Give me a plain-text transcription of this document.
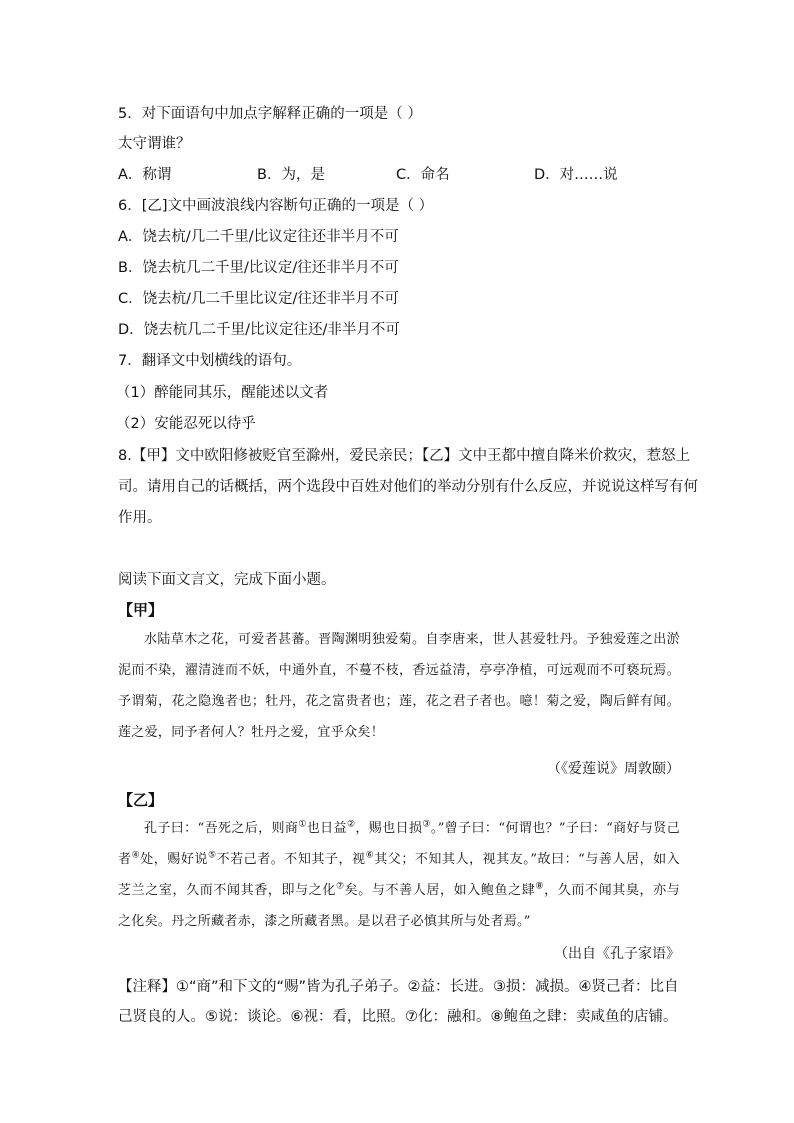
5．对下面语句中加点字解释正确的一项是（ ）
太守谓谁？
A．称谓	B．为，是	C．命名	D．对……说
6．[乙]文中画波浪线内容断句正确的一项是（ ）
A．饶去杭/几二千里/比议定往还非半月不可
B．饶去杭几二千里/比议定/往还非半月不可
C．饶去杭/几二千里比议定/往还非半月不可
D．饶去杭几二千里/比议定往还/非半月不可
7．翻译文中划横线的语句。
（1）醉能同其乐，醒能述以文者
（2）安能忍死以待乎
8.【甲】文中欧阳修被贬官至滁州，爱民亲民；【乙】文中王都中擅自降米价救灾，惹怒上
司。请用自己的话概括，两个选段中百姓对他们的举动分别有什么反应，并说说这样写有何
作用。
阅读下面文言文，完成下面小题。
【甲】

水陆草木之花，可爱者甚蕃。晋陶渊明独爱菊。自李唐来，世人甚爱牡丹。予独爱莲之出淤泥而不染，濯清涟而不妖，中通外直，不蔓不枝，香远益清，亭亭净植，可远观而不可亵玩焉。予谓菊，花之隐逸者也；牡丹，花之富贵者也；莲，花之君子者也。噫！菊之爱，陶后鲜有闻。莲之爱，同予者何人？牡丹之爱，宜乎众矣！

（《爱莲说》周敦颐）
【乙】

孔子曰：“吾死之后，则商①也日益②，赐也日损③。”曾子曰：“何谓也？”子曰：“商好与贤己者④处，赐好说⑤不若己者。不知其子，视⑥其父；不知其人，视其友。”故曰：“与善人居，如入芝兰之室，久而不闻其香，即与之化⑦矣。与不善人居，如入鲍鱼之肆⑧，久而不闻其臭，亦与之化矣。丹之所藏者赤，漆之所藏者黑。是以君子必慎其所与处者焉。”

（出自《孔子家语》
【注释】①“商”和下文的“赐”皆为孔子弟子。②益：长进。③损：减损。④贤己者：比自
己贤良的人。⑤说：谈论。⑥视：看，比照。⑦化：融和。⑧鲍鱼之肆：卖咸鱼的店铺。
